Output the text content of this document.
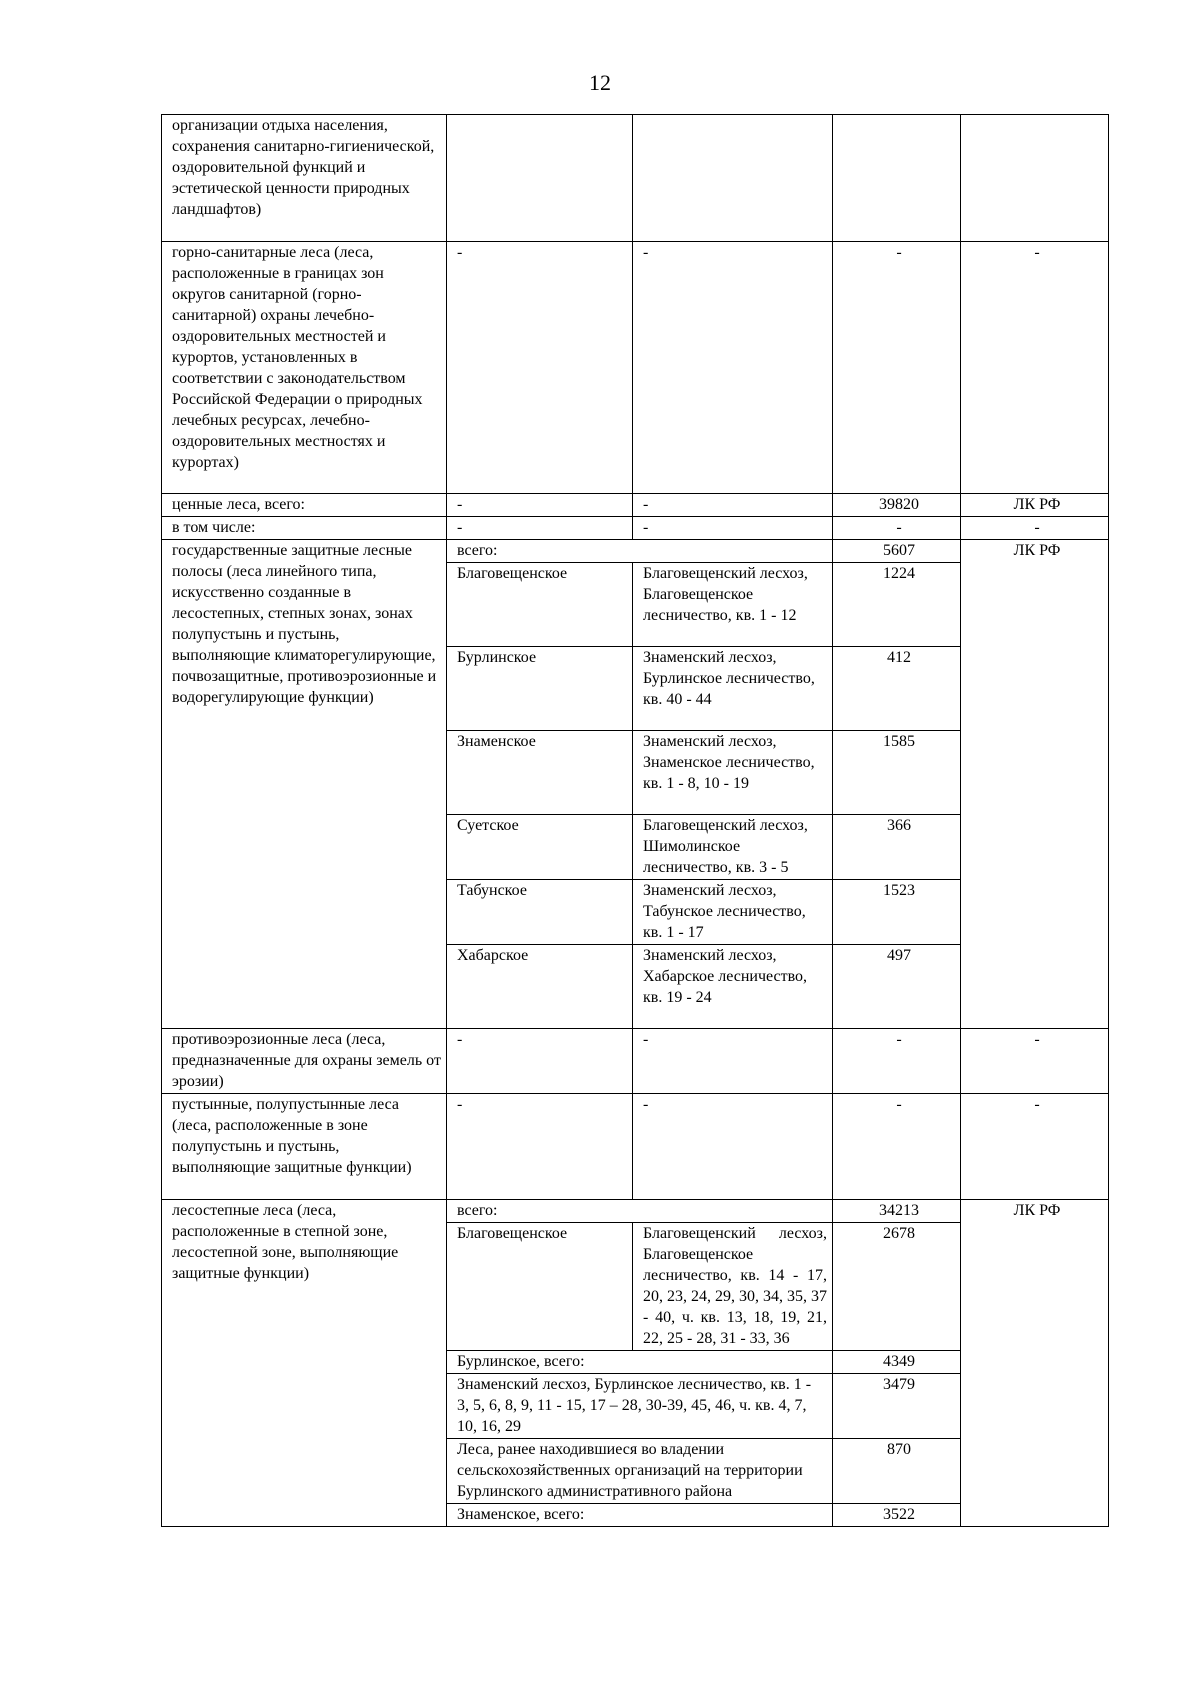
12
организации отдыха населения, сохранения санитарно-гигиенической, оздоровительной функций и эстетической ценности природных ландшафтов)				
горно-санитарные леса (леса, расположенные в границах зон округов санитарной (горно-санитарной) охраны лечебно-оздоровительных местностей и курортов, установленных в соответствии с законодательством Российской Федерации о природных лечебных ресурсах, лечебно-оздоровительных местностях и курортах)	-	-	-	-
ценные леса, всего:	-	-	39820	ЛК РФ
в том числе:	-	-	-	-
государственные защитные лесные полосы (леса линейного типа, искусственно созданные в лесостепных, степных зонах, зонах полупустынь и пустынь, выполняющие климаторегулирующие, почвозащитные, противоэрозионные и водорегулирующие функции)	всего:		5607	ЛК РФ
	Благовещенское	Благовещенский лесхоз, Благовещенское лесничество, кв. 1 - 12	1224	
	Бурлинское	Знаменский лесхоз, Бурлинское лесничество, кв. 40 - 44	412	
	Знаменское	Знаменский лесхоз, Знаменское лесничество, кв. 1 - 8, 10 - 19	1585	
	Суетское	Благовещенский лесхоз, Шимолинское лесничество, кв. 3 - 5	366	
	Табунское	Знаменский лесхоз, Табунское лесничество, кв. 1 - 17	1523	
	Хабарское	Знаменский лесхоз, Хабарское лесничество, кв. 19 - 24	497	
противоэрозионные леса (леса, предназначенные для охраны земель от эрозии)	-	-	-	-
пустынные, полупустынные леса (леса, расположенные в зоне полупустынь и пустынь, выполняющие защитные функции)	-	-	-	-
лесостепные леса (леса, расположенные в степной зоне, лесостепной зоне, выполняющие защитные функции)	всего:		34213	ЛК РФ
	Благовещенское	Благовещенский лесхоз, Благовещенское лесничество, кв. 14 - 17, 20, 23, 24, 29, 30, 34, 35, 37 - 40, ч. кв. 13, 18, 19, 21, 22, 25 - 28, 31 - 33, 36	2678	
	Бурлинское, всего:		4349	
	Знаменский лесхоз, Бурлинское лесничество, кв. 1 - 3, 5, 6, 8, 9, 11 - 15, 17 – 28, 30-39, 45, 46, ч. кв. 4, 7, 10, 16, 29		3479	
	Леса, ранее находившиеся во владении сельскохозяйственных организаций на территории Бурлинского административного района		870	
	Знаменское, всего:		3522	
